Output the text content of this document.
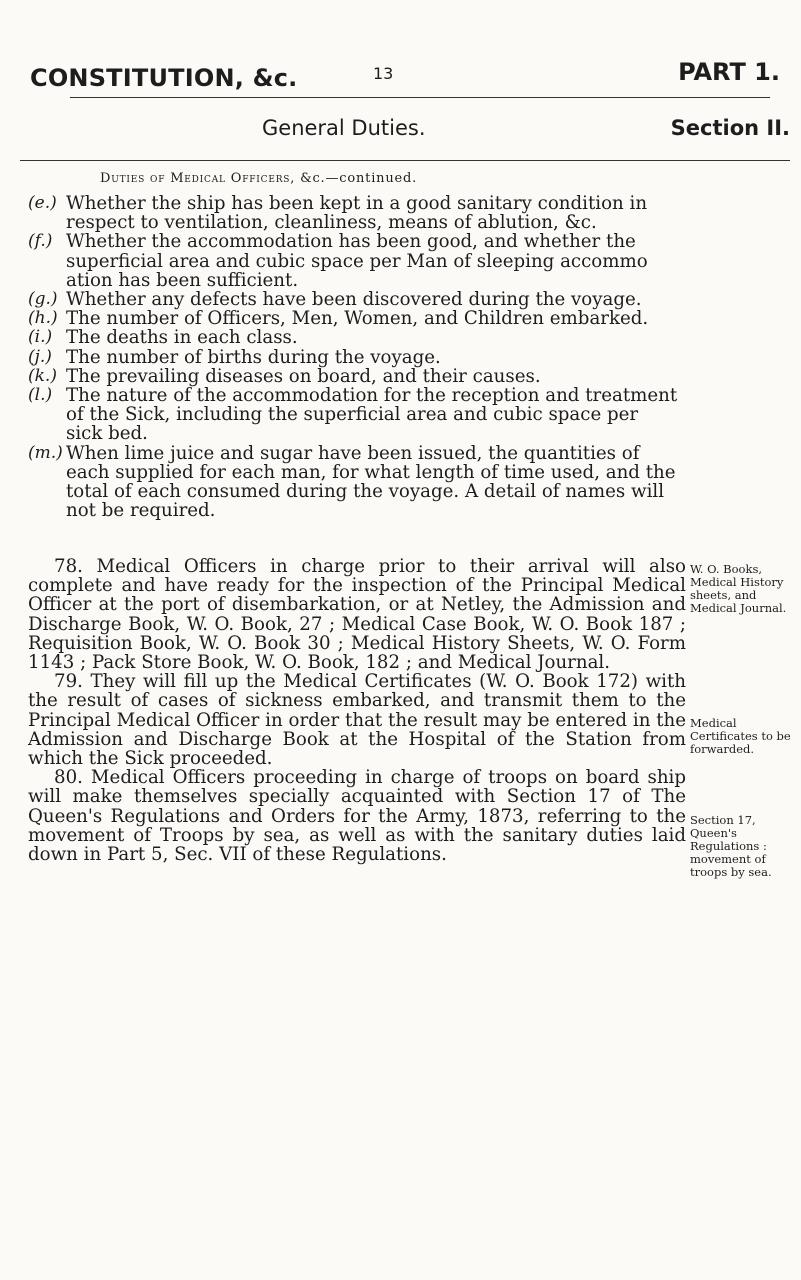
CONSTITUTION, &c.	13	PART 1.
General Duties.	Section II.
Duties of Medical Officers, &c.—continued.

(e.) Whether the ship has been kept in a good sanitary condition in respect to ventilation, cleanliness, means of ablution, &c.

(f.) Whether the accommodation has been good, and whether the superficial area and cubic space per Man of sleeping accommo ation has been sufficient.

(g.) Whether any defects have been discovered during the voyage.

(h.) The number of Officers, Men, Women, and Children embarked.

(i.) The deaths in each class.

(j.) The number of births during the voyage.

(k.) The prevailing diseases on board, and their causes.

(l.) The nature of the accommodation for the reception and treatment of the Sick, including the superficial area and cubic space per sick bed.

(m.) When lime juice and sugar have been issued, the quantities of each supplied for each man, for what length of time used, and the total of each consumed during the voyage. A detail of names will not be required.

78. Medical Officers in charge prior to their arrival will also complete and have ready for the inspection of the Principal Medical Officer at the port of disembarkation, or at Netley, the Admission and Discharge Book, W. O. Book, 27 ; Medical Case Book, W. O. Book 187 ; Requisition Book, W. O. Book 30 ; Medical History Sheets, W. O. Form 1143 ; Pack Store Book, W. O. Book, 182 ; and Medical Journal.

79. They will fill up the Medical Certificates (W. O. Book 172) with the result of cases of sickness embarked, and transmit them to the Principal Medical Officer in order that the result may be entered in the Admission and Discharge Book at the Hospital of the Station from which the Sick proceeded.

80. Medical Officers proceeding in charge of troops on board ship will make themselves specially acquainted with Section 17 of The Queen's Regulations and Orders for the Army, 1873, referring to the movement of Troops by sea, as well as with the sanitary duties laid down in Part 5, Sec. VII of these Regulations.

W. O. Books, Medical History sheets, and Medical Journal.
Medical Certificates to be forwarded.
Section 17, Queen's Regulations : movement of troops by sea.
